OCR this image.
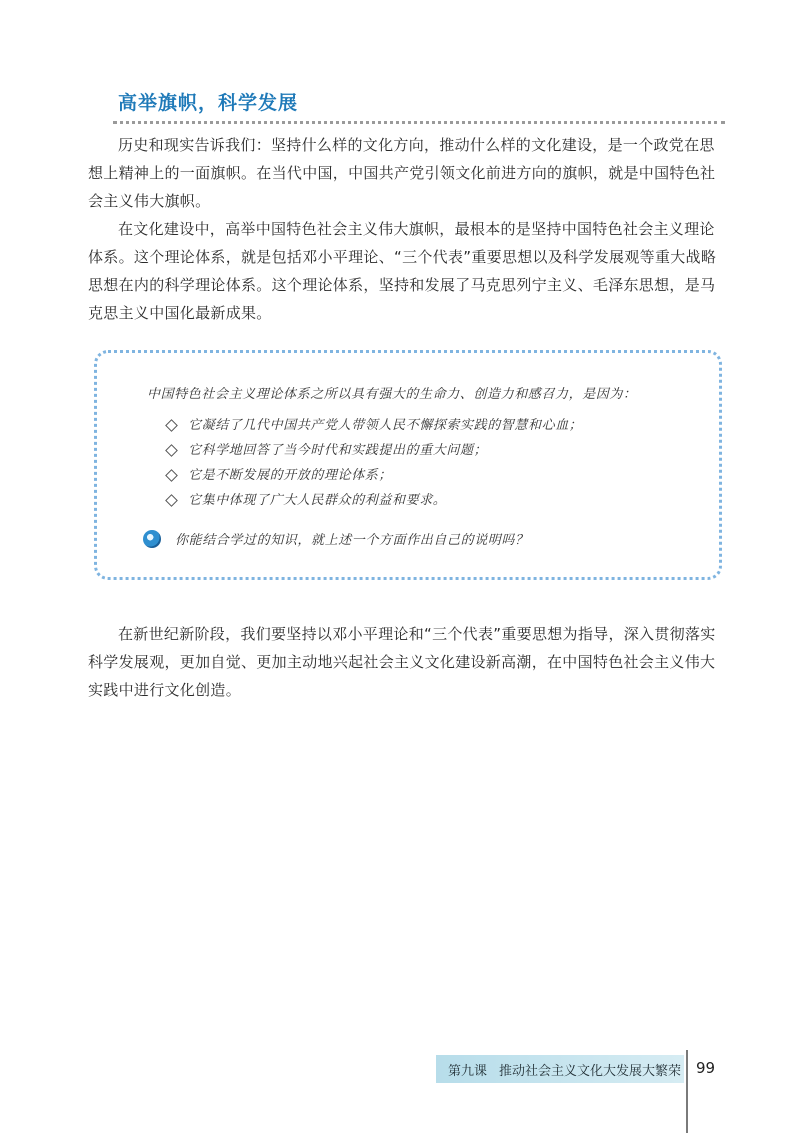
高举旗帜，科学发展

历史和现实告诉我们：坚持什么样的文化方向，推动什么样的文化建设，是一个政党在思想上精神上的一面旗帜。在当代中国，中国共产党引领文化前进方向的旗帜，就是中国特色社会主义伟大旗帜。

在文化建设中，高举中国特色社会主义伟大旗帜，最根本的是坚持中国特色社会主义理论体系。这个理论体系，就是包括邓小平理论、“三个代表”重要思想以及科学发展观等重大战略思想在内的科学理论体系。这个理论体系，坚持和发展了马克思列宁主义、毛泽东思想，是马克思主义中国化最新成果。

中国特色社会主义理论体系之所以具有强大的生命力、创造力和感召力，是因为：
它凝结了几代中国共产党人带领人民不懈探索实践的智慧和心血；
它科学地回答了当今时代和实践提出的重大问题；
它是不断发展的开放的理论体系；
它集中体现了广大人民群众的利益和要求。
你能结合学过的知识，就上述一个方面作出自己的说明吗？

在新世纪新阶段，我们要坚持以邓小平理论和“三个代表”重要思想为指导，深入贯彻落实科学发展观，更加自觉、更加主动地兴起社会主义文化建设新高潮，在中国特色社会主义伟大实践中进行文化创造。

第九课 推动社会主义文化大发展大繁荣 99
